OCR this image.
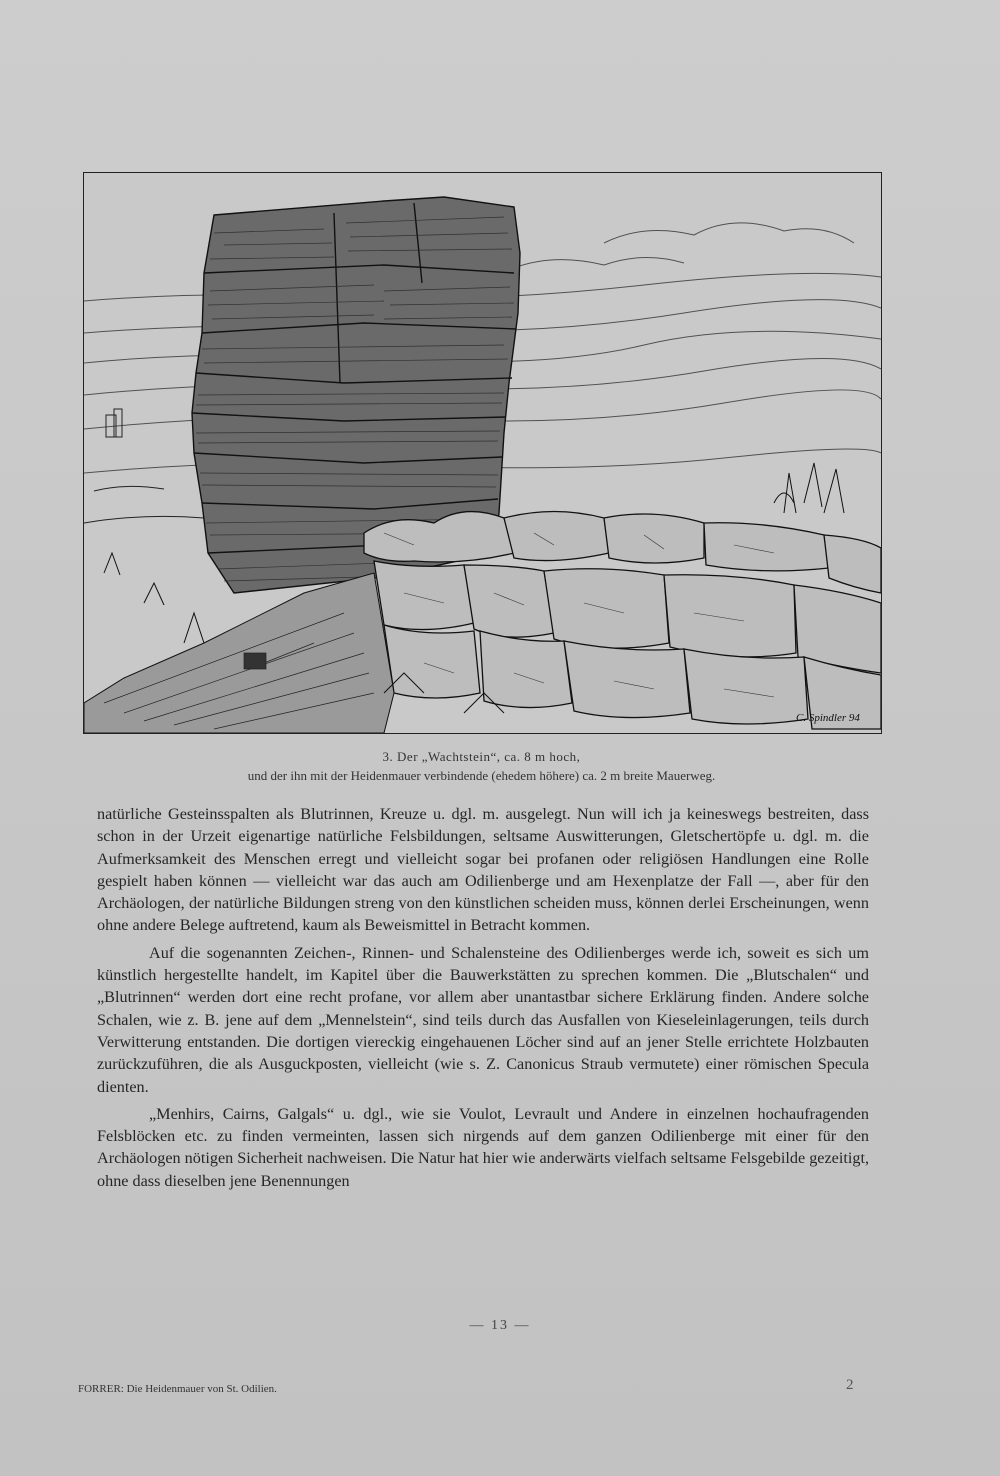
C. Spindler 94
3. Der „Wachtstein“, ca. 8 m hoch,
und der ihn mit der Heidenmauer verbindende (ehedem höhere) ca. 2 m breite Mauerweg.

natürliche Gesteinsspalten als Blutrinnen, Kreuze u. dgl. m. ausgelegt. Nun will ich ja keineswegs bestreiten, dass schon in der Urzeit eigenartige natürliche Felsbildungen, seltsame Auswitterungen, Gletschertöpfe u. dgl. m. die Aufmerksamkeit des Menschen erregt und vielleicht sogar bei profanen oder religiösen Handlungen eine Rolle gespielt haben können — vielleicht war das auch am Odilienberge und am Hexenplatze der Fall —, aber für den Archäologen, der natürliche Bildungen streng von den künstlichen scheiden muss, können derlei Erscheinungen, wenn ohne andere Belege auftretend, kaum als Beweismittel in Betracht kommen.

Auf die sogenannten Zeichen-, Rinnen- und Schalensteine des Odilienberges werde ich, soweit es sich um künstlich hergestellte handelt, im Kapitel über die Bauwerkstätten zu sprechen kommen. Die „Blutschalen“ und „Blutrinnen“ werden dort eine recht profane, vor allem aber unantastbar sichere Erklärung finden. Andere solche Schalen, wie z. B. jene auf dem „Mennelstein“, sind teils durch das Ausfallen von Kieseleinlagerungen, teils durch Verwitterung entstanden. Die dortigen viereckig eingehauenen Löcher sind auf an jener Stelle errichtete Holzbauten zurückzuführen, die als Ausguckposten, vielleicht (wie s. Z. Canonicus Straub vermutete) einer römischen Specula dienten.

„Menhirs, Cairns, Galgals“ u. dgl., wie sie Voulot, Levrault und Andere in einzelnen hochaufragenden Felsblöcken etc. zu finden vermeinten, lassen sich nirgends auf dem ganzen Odilienberge mit einer für den Archäologen nötigen Sicherheit nachweisen. Die Natur hat hier wie anderwärts vielfach seltsame Felsgebilde gezeitigt, ohne dass dieselben jene Benennungen

— 13 —
FORRER: Die Heidenmauer von St. Odilien.	2
